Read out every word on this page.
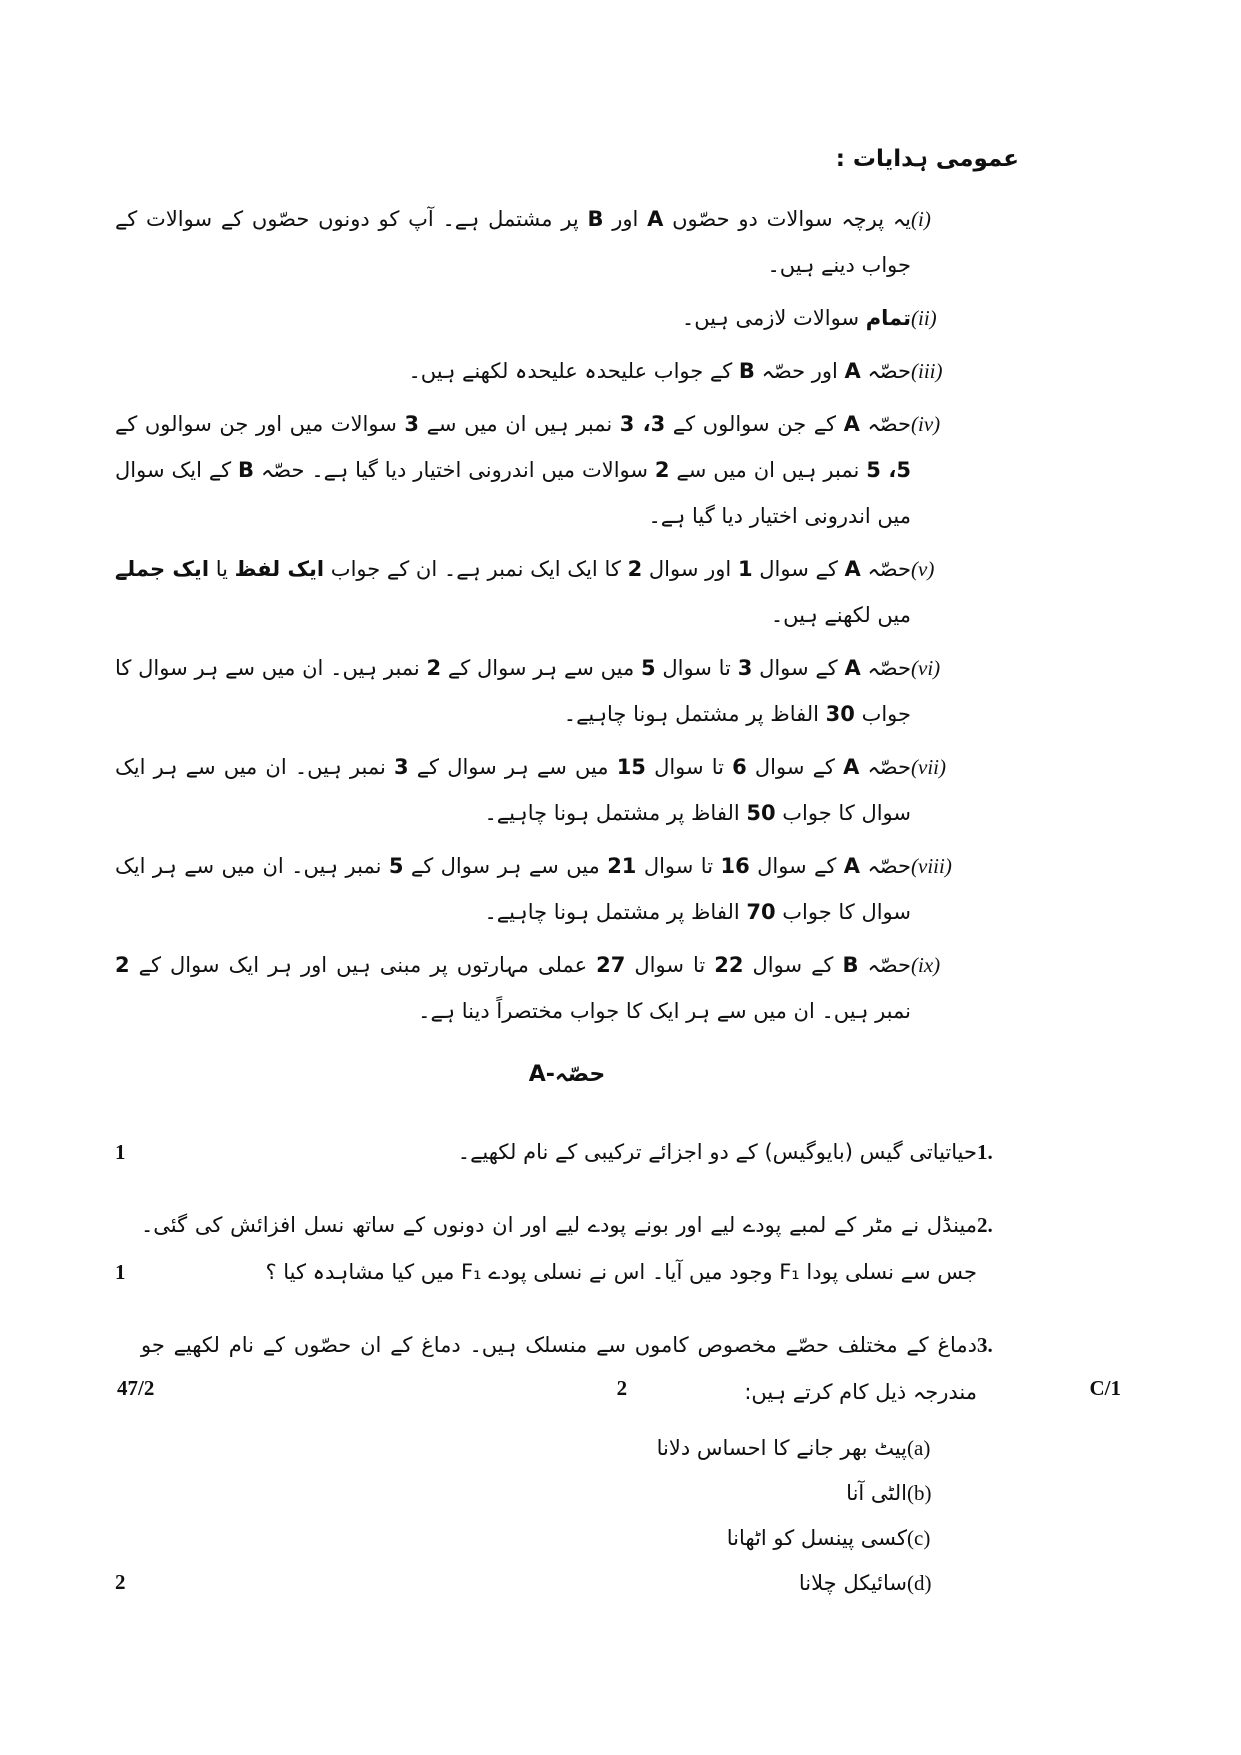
عمومی ہدایات :
(i)
یہ پرچہ سوالات دو حصّوں A اور B پر مشتمل ہے۔ آپ کو دونوں حصّوں کے سوالات کے جواب دینے ہیں۔
(ii)
تمام سوالات لازمی ہیں۔
(iii)
حصّہ A اور حصّہ B کے جواب علیحدہ علیحدہ لکھنے ہیں۔
(iv)
حصّہ A کے جن سوالوں کے 3، 3 نمبر ہیں ان میں سے 3 سوالات میں اور جن سوالوں کے 5، 5 نمبر ہیں ان میں سے 2 سوالات میں اندرونی اختیار دیا گیا ہے۔ حصّہ B کے ایک سوال میں اندرونی اختیار دیا گیا ہے۔
(v)
حصّہ A کے سوال 1 اور سوال 2 کا ایک ایک نمبر ہے۔ ان کے جواب ایک لفظ یا ایک جملے میں لکھنے ہیں۔
(vi)
حصّہ A کے سوال 3 تا سوال 5 میں سے ہر سوال کے 2 نمبر ہیں۔ ان میں سے ہر سوال کا جواب 30 الفاظ پر مشتمل ہونا چاہیے۔
(vii)
حصّہ A کے سوال 6 تا سوال 15 میں سے ہر سوال کے 3 نمبر ہیں۔ ان میں سے ہر ایک سوال کا جواب 50 الفاظ پر مشتمل ہونا چاہیے۔
(viii)
حصّہ A کے سوال 16 تا سوال 21 میں سے ہر سوال کے 5 نمبر ہیں۔ ان میں سے ہر ایک سوال کا جواب 70 الفاظ پر مشتمل ہونا چاہیے۔
(ix)
حصّہ B کے سوال 22 تا سوال 27 عملی مہارتوں پر مبنی ہیں اور ہر ایک سوال کے 2 نمبر ہیں۔ ان میں سے ہر ایک کا جواب مختصراً دینا ہے۔
حصّہ-A
1.
حیاتیاتی گیس (بایوگیس) کے دو اجزائے ترکیبی کے نام لکھیے۔
1
2.
مینڈل نے مٹر کے لمبے پودے لیے اور بونے پودے لیے اور ان دونوں کے ساتھ نسل افزائش کی گئی۔ جس سے نسلی پودا F₁ وجود میں آیا۔ اس نے نسلی پودے F₁ میں کیا مشاہدہ کیا ؟
1
3.
دماغ کے مختلف حصّے مخصوص کاموں سے منسلک ہیں۔ دماغ کے ان حصّوں کے نام لکھیے جو مندرجہ ذیل کام کرتے ہیں:
(a)
پیٹ بھر جانے کا احساس دلانا
(b)
الٹی آنا
(c)
کسی پینسل کو اٹھانا
(d)
سائیکل چلانا
2
47/2	2	C/1
